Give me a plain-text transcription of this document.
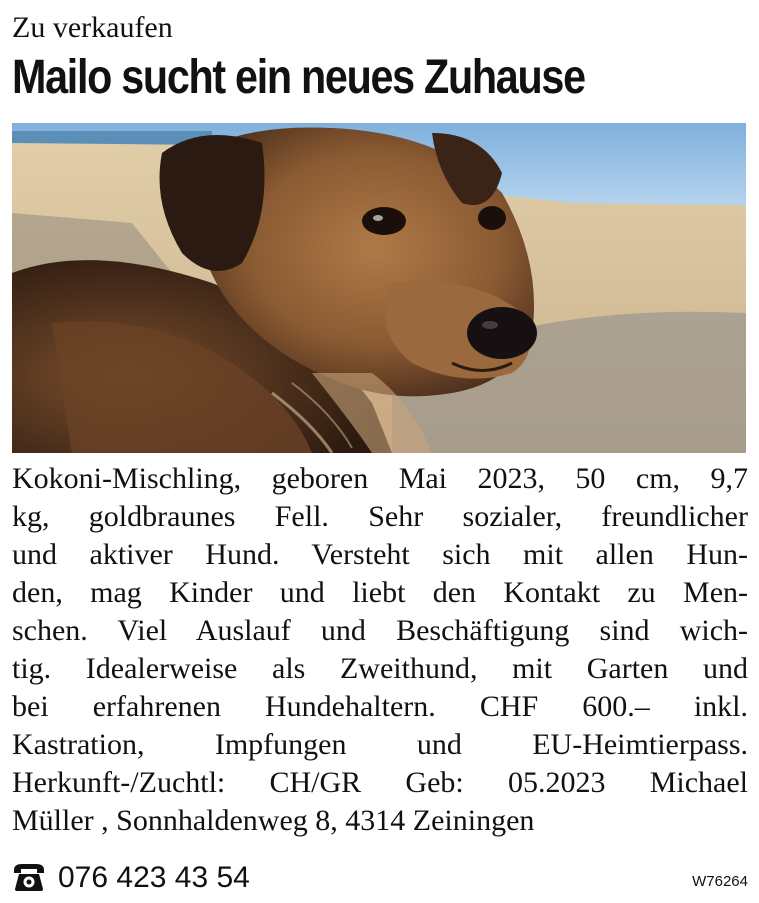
Zu verkaufen
Mailo sucht ein neues Zuhause
Kokoni-Mischling, geboren Mai 2023, 50 cm, 9,7
kg, goldbraunes Fell. Sehr sozialer, freundlicher
und aktiver Hund. Versteht sich mit allen Hun-
den, mag Kinder und liebt den Kontakt zu Men-
schen. Viel Auslauf und Beschäftigung sind wich-
tig. Idealerweise als Zweithund, mit Garten und
bei erfahrenen Hundehaltern. CHF 600.– inkl.
Kastration, Impfungen und EU-Heimtierpass.
Herkunft-/Zuchtl: CH/GR Geb: 05.2023 Michael
Müller , Sonnhaldenweg 8, 4314 Zeiningen
076 423 43 54	W76264
